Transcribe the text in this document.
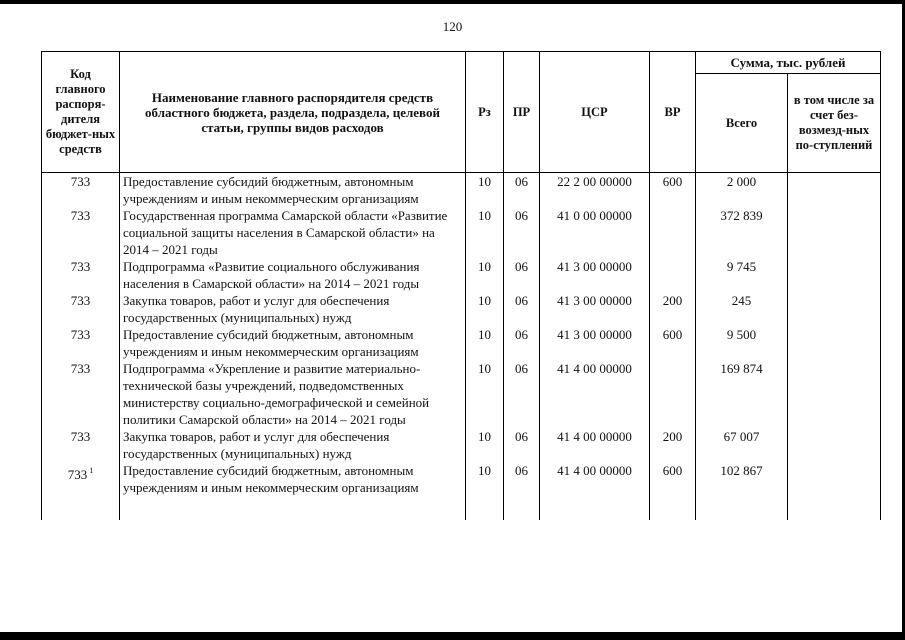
120
Код главного распоря-дителя бюджет-ных средств	Наименование главного распорядителя средств областного бюджета, раздела, подраздела, целевой статьи, группы видов расходов	Рз	ПР	ЦСР	ВР	Сумма, тыс. рублей	
						Всего	в том числе за счет без-возмезд-ных по-ступлений
733	Предоставление субсидий бюджетным, автономным учреждениям и иным некоммерческим организациям	10	06	22 2 00 00000	600	2 000	
733	Государственная программа Самарской области «Развитие социальной защиты населения в Самарской области» на 2014 – 2021 годы	10	06	41 0 00 00000		372 839	
733	Подпрограмма «Развитие социального обслуживания населения в Самарской области» на 2014 – 2021 годы	10	06	41 3 00 00000		9 745	
733	Закупка товаров, работ и услуг для обеспечения государственных (муниципальных) нужд	10	06	41 3 00 00000	200	245	
733	Предоставление субсидий бюджетным, автономным учреждениям и иным некоммерческим организациям	10	06	41 3 00 00000	600	9 500	
733	Подпрограмма «Укрепление и развитие материально-технической базы учреждений, подведомственных министерству социально-демографической и семейной политики Самарской области» на 2014 – 2021 годы	10	06	41 4 00 00000		169 874	
733	Закупка товаров, работ и услуг для обеспечения государственных (муниципальных) нужд	10	06	41 4 00 00000	200	67 007	
733 $^1$	Предоставление субсидий бюджетным, автономным учреждениям и иным некоммерческим организациям	10	06	41 4 00 00000	600	102 867	
